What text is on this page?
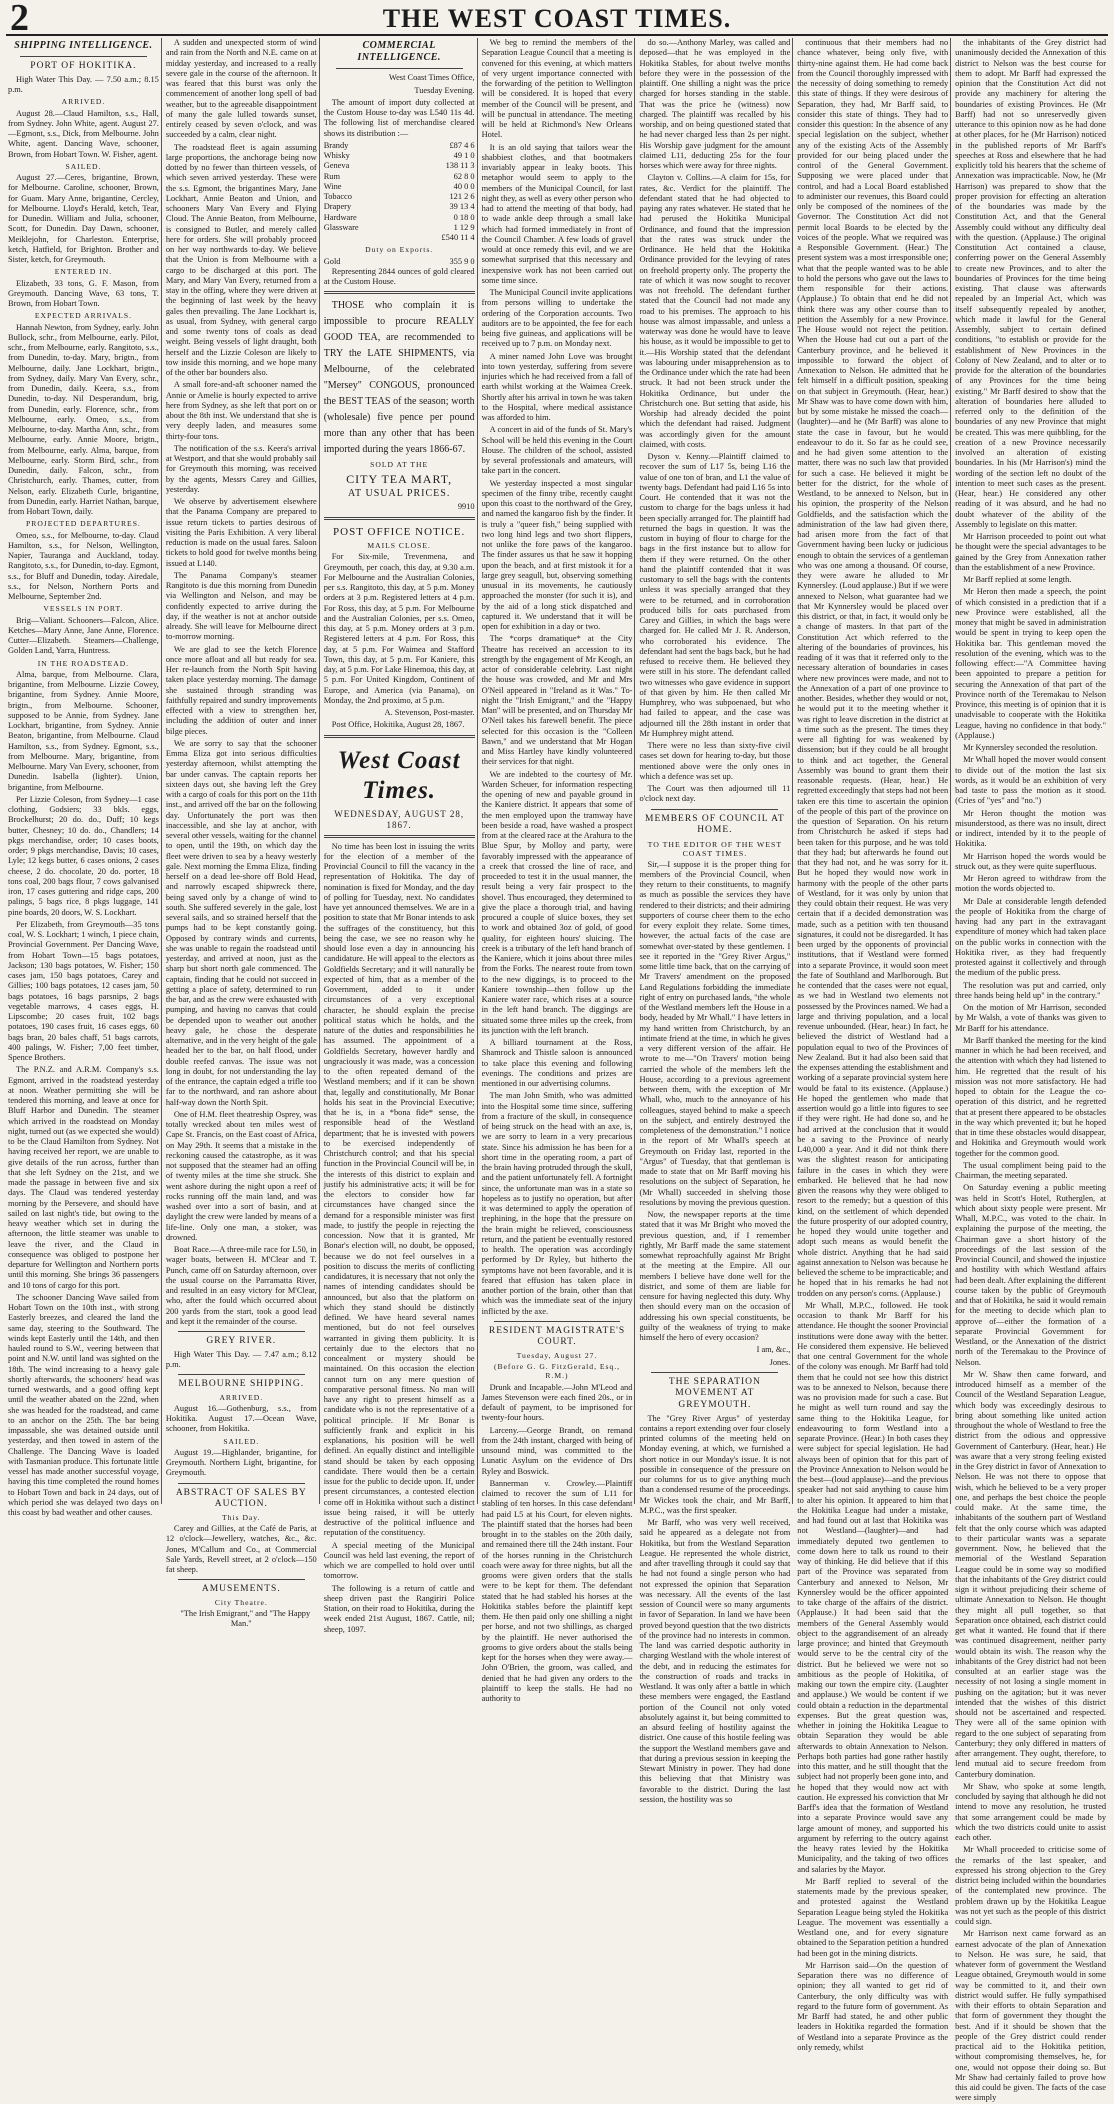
2	THE WEST COAST TIMES.
SHIPPING INTELLIGENCE.
PORT OF HOKITIKA.

High Water This Day. — 7.50 a.m.; 8.15 p.m.

ARRIVED.

August 28.—Claud Hamilton, s.s., Hall, from Sydney. John White, agent. August 27.—Egmont, s.s., Dick, from Melbourne. John White, agent. Dancing Wave, schooner, Brown, from Hobart Town. W. Fisher, agent.

SAILED.

August 27.—Ceres, brigantine, Brown, for Melbourne. Caroline, schooner, Brown, for Guam. Mary Anne, brigantine, Cercley, for Melbourne. Lloyd's Herald, ketch, Tear, for Dunedin. William and Julia, schooner, Scott, for Dunedin. Day Dawn, schooner, Meiklejohn, for Charleston. Enterprise, ketch, Hatfield, for Brighton. Brother and Sister, ketch, for Greymouth.

ENTERED IN.

Elizabeth, 33 tons, G. F. Mason, from Greymouth. Dancing Wave, 63 tons, T. Brown, from Hobart Town.

EXPECTED ARRIVALS.

Hannah Newton, from Sydney, early. John Bullock, schr., from Melbourne, early. Pilot, schr., from Melbourne, early. Rangitoto, s.s., from Dunedin, to-day. Mary, brigtn., from Melbourne, daily. Jane Lockhart, brigtn., from Sydney, daily. Mary Van Every, schr., from Dunedin, daily. Keera, s.s., from Dunedin, to-day. Nil Desperandum, brig, from Dunedin, early. Florence, schr., from Melbourne, early. Omeo, s.s., from Melbourne, to-day. Martha Ann, schr., from Melbourne, early. Annie Moore, brigtn., from Melbourne, early. Alma, barque, from Melbourne, early. Storm Bird, schr., from Dunedin, daily. Falcon, schr., from Christchurch, early. Thames, cutter, from Nelson, early. Elizabeth Curle, brigantine, from Dunedin, early. Harriet Nathan, barque, from Hobart Town, daily.

PROJECTED DEPARTURES.

Omeo, s.s., for Melbourne, to-day. Claud Hamilton, s.s., for Nelson, Wellington, Napier, Tauranga and Auckland, today. Rangitoto, s.s., for Dunedin, to-day. Egmont, s.s., for Bluff and Dunedin, today. Airedale, s.s., for Nelson, Northern Ports and Melbourne, September 2nd.

VESSELS IN PORT.

Brig—Valiant. Schooners—Falcon, Alice. Ketches—Mary Anne, Jane Anne, Florence. Cutter—Elizabeth. Steamers—Challenge, Golden Land, Yarra, Huntress.

IN THE ROADSTEAD.

Alma, barque, from Melbourne. Clara, brigantine, from Melbourne. Lizzie Cowey, brigantine, from Sydney. Annie Moore, brigtn., from Melbourne. Schooner, supposed to be Annie, from Sydney. Jane Lockhart, brigantine, from Sydney. Annie Beaton, brigantine, from Melbourne. Claud Hamilton, s.s., from Sydney. Egmont, s.s., from Melbourne. Mary, brigantine, from Melbourne. Mary Van Every, schooner, from Dunedin. Isabella (lighter). Union, brigantine, from Melbourne.

Per Lizzie Coleson, from Sydney—1 case clothing, Godsiers; 33 bkls. eggs, Brockelhurst; 20 do. do., Duff; 10 kegs butter, Chesney; 10 do. do., Chandlers; 14 pkgs merchandise, order; 10 cases boots, order; 9 pkgs merchandise, Davis; 10 cases, Lyle; 12 kegs butter, 6 cases onions, 2 cases cheese, 2 do. chocolate, 20 do. porter, 18 tons coal, 200 bags flour, 7 cows galvanised iron, 17 cases guttering and ridge caps, 200 palings, 5 bags rice, 8 pkgs luggage, 141 pine boards, 20 doors, W. S. Lockhart.

Per Elizabeth, from Greymouth—35 tons coal, W. S. Lockhart; 1 winch, 1 piece chain, Provincial Government. Per Dancing Wave, from Hobart Town—15 bags potatoes, Jackson; 130 bags potatoes, W. Fisher; 150 cases jam, 150 bags potatoes, Carey and Gillies; 100 bags potatoes, 12 cases jam, 50 bags potatoes, 16 bags parsnips, 2 bags vegetable marrows, 4 cases eggs, H. Lipscombe; 20 cases fruit, 102 bags potatoes, 190 cases fruit, 16 cases eggs, 60 bags bran, 20 bales chaff, 51 bags carrots, 400 palings, W. Fisher; 7,00 feet timber, Spence Brothers.

The P.N.Z. and A.R.M. Company's s.s. Egmont, arrived in the roadstead yesterday at noon. Weather permitting she will be tendered this morning, and leave at once for Bluff Harbor and Dunedin. The steamer which arrived in the roadstead on Monday night, turned out (as we expected she would) to be the Claud Hamilton from Sydney. Not having received her report, we are unable to give details of the run across, further than that she left Sydney on the 21st, and we made the passage in between five and six days. The Claud was tendered yesterday morning by the Persevere, and should have sailed on last night's tide, but owing to the heavy weather which set in during the afternoon, the little steamer was unable to leave the river, and the Claud in consequence was obliged to postpone her departure for Wellington and Northern ports until this morning. She brings 36 passengers and 10 tons of cargo for this port.

The schooner Dancing Wave sailed from Hobart Town on the 10th inst., with strong Easterly breezes, and cleared the land the same day, steering to the Southward. The winds kept Easterly until the 14th, and then hauled round to S.W., veering between that point and N.W. until land was sighted on the 18th. The wind increasing to a heavy gale shortly afterwards, the schooners' head was turned westwards, and a good offing kept until the weather abated on the 22nd, when she was headed for the roadstead, and came to an anchor on the 25th. The bar being impassable, she was detained outside until yesterday, and then towed in astern of the Challenge. The Dancing Wave is loaded with Tasmanian produce. This fortunate little vessel has made another successful voyage, having this time completed the round homes to Hobart Town and back in 24 days, out of which period she was delayed two days on this coast by bad weather and other causes.

A sudden and unexpected storm of wind and rain from the North and N.E. came on at midday yesterday, and increased to a really severe gale in the course of the afternoon. It was feared that this burst was only the commencement of another long spell of bad weather, but to the agreeable disappointment of many the gale lulled towards sunset, entirely ceased by seven o'clock, and was succeeded by a calm, clear night.

The roadstead fleet is again assuming large proportions, the anchorage being now dotted by no fewer than thirteen vessels, of which seven arrived yesterday. These were the s.s. Egmont, the brigantines Mary, Jane Lockhart, Annie Beaton and Union, and schooners Mary Van Every and Flying Cloud. The Annie Beaton, from Melbourne, is consigned to Butler, and merely called here for orders. She will probably proceed on her way northwards to-day. We believe that the Union is from Melbourne with a cargo to be discharged at this port. The Mary, and Mary Van Every, returned from a stay in the offing, where they were driven at the beginning of last week by the heavy gales then prevailing. The Jane Lockhart is, as usual, from Sydney, with general cargo and some twenty tons of coals as dead weight. Being vessels of light draught, both herself and the Lizzie Coleson are likely to tow inside this morning, and we hope many of the other bar bounders also.

A small fore-and-aft schooner named the Annie or Amelie is hourly expected to arrive here from Sydney, as she left that port on or about the 8th inst. We understand that she is very deeply laden, and measures some thirty-four tons.

The notification of the s.s. Keera's arrival at Westport, and that she would probably sail for Greymouth this morning, was received by the agents, Messrs Carey and Gillies, yesterday.

We observe by advertisement elsewhere that the Panama Company are prepared to issue return tickets to parties desirous of visiting the Paris Exhibition. A very liberal reduction is made on the usual fares. Saloon tickets to hold good for twelve months being issued at L140.

The Panama Company's steamer Rangitoto is due this morning from Dunedin via Wellington and Nelson, and may be confidently expected to arrive during the day, if the weather is not at anchor outside already. She will leave for Melbourne direct to-morrow morning.

We are glad to see the ketch Florence once more afloat and all but ready for sea. Her re-launch from the North Spit having taken place yesterday morning. The damage she sustained through stranding was faithfully repaired and sundry improvements effected with a view to strengthen her, including the addition of outer and inner bilge pieces.

We are sorry to say that the schooner Emma Eliza got into serious difficulties yesterday afternoon, whilst attempting the bar under canvas. The captain reports her sixteen days out, she having left the Grey with a cargo of coals for this port on the 11th inst., and arrived off the bar on the following day. Unfortunately the port was then inaccessible, and she lay at anchor, with several other vessels, waiting for the channel to open, until the 19th, on which day the fleet were driven to sea by a heavy westerly gale. Next morning the Emma Eliza, finding herself on a dead lee-shore off Bold Head, and narrowly escaped shipwreck there, being saved only by a change of wind to south. She suffered severely in the gale, lost several sails, and so strained herself that the pumps had to be kept constantly going. Opposed by contrary winds and currents, she was unable to regain the roadstead until yesterday, and arrived at noon, just as the sharp but short north gale commenced. The captain, finding that he could not succeed in getting a place of safety, determined to run the bar, and as the crew were exhausted with pumping, and having no canvas that could be depended upon to weather out another heavy gale, he chose the desperate alternative, and in the very height of the gale headed her to the bar, on half flood, under double reefed canvas. The issue was not long in doubt, for not understanding the lay of the entrance, the captain edged a trifle too far to the northward, and ran ashore about half-way down the North Spit.

One of H.M. fleet theatreship Osprey, was totally wrecked about ten miles west of Cape St. Francis, on the East coast of Africa, on May 29th. It seems that a mistake in the reckoning caused the catastrophe, as it was not supposed that the steamer had an offing of twenty miles at the time she struck. She went ashore during the night upon a reef of rocks running off the main land, and was washed over into a sort of basin, and at daylight the crew were landed by means of a life-line. Only one man, a stoker, was drowned.

Boat Race.—A three-mile race for L50, in wager boats, between H. M'Clear and T. Punch, came off on Saturday afternoon, over the usual course on the Parramatta River, and resulted in an easy victory for M'Clear, who, after the fould which occurred about 200 yards from the start, took a good lead and kept it the remainder of the course.

GREY RIVER.

High Water This Day. — 7.47 a.m.; 8.12 p.m.

MELBOURNE SHIPPING.
ARRIVED.

August 16.—Gothenburg, s.s., from Hokitika. August 17.—Ocean Wave, schooner, from Hokitika.

SAILED.

August 19.—Highlander, brigantine, for Greymouth. Northern Light, brigantine, for Greymouth.

ABSTRACT OF SALES BY AUCTION.
This Day.

Carey and Gillies, at the Café de Paris, at 12 o'clock—Jewellery, watches, &c., &c. Jones, M'Callum and Co., at Commercial Sale Yards, Revell street, at 2 o'clock—150 fat sheep.

AMUSEMENTS.
City Theatre.

"The Irish Emigrant," and "The Happy Man."

COMMERCIAL INTELLIGENCE.

West Coast Times Office,

Tuesday Evening.

The amount of import duty collected at the Custom House to-day was L540 11s 4d. The following list of merchandise cleared shows its distribution :—

Brandy	£87 4 6
Whisky	49 1 0
Geneva	138 11 3
Rum	62 8 0
Wine	40 0 0
Tobacco	121 2 6
Drapery	39 13 4
Hardware	0 18 0
Glassware	1 12 9
	£540 11 4
Duty on Exports.
Gold	355 9 0

Representing 2844 ounces of gold cleared at the Custom House.

THOSE who complain it is impossible to procure REALLY GOOD TEA, are recommended to TRY the LATE SHIPMENTS, via Melbourne, of the celebrated "Mersey" CONGOUS, pronounced the BEST TEAS of the season; worth (wholesale) five pence per pound more than any other that has been imported during the years 1866-67.

SOLD AT THE
CITY TEA MART,
AT USUAL PRICES.

9910

POST OFFICE NOTICE.
MAILS CLOSE.

For Six-mile, Trevenmena, and Greymouth, per coach, this day, at 9.30 a.m. For Melbourne and the Australian Colonies, per s.s. Rangitoto, this day, at 5 p.m. Money orders at 3 p.m. Registered letters at 4 p.m. For Ross, this day, at 5 p.m. For Melbourne and the Australian Colonies, per s.s. Omeo, this day, at 5 p.m. Money orders at 3 p.m. Registered letters at 4 p.m. For Ross, this day, at 5 p.m. For Waimea and Stafford Town, this day, at 5 p.m. For Kaniere, this day, at 5 p.m. For Lake Hinemoa, this day, at 5 p.m. For United Kingdom, Continent of Europe, and America (via Panama), on Monday, the 2nd proximo, at 5 p.m.

A. Stevenson, Post-master.

Post Office, Hokitika, August 28, 1867.

West Coast Times.
WEDNESDAY, AUGUST 28, 1867.

No time has been lost in issuing the writs for the election of a member of the Provincial Council to fill the vacancy in the representation of Hokitika. The day of nomination is fixed for Monday, and the day of polling for Tuesday, next. No candidates have yet announced themselves. We are in a position to state that Mr Bonar intends to ask the suffrages of the constituency, but this being the case, we see no reason why he should lose even a day in announcing his candidature. He will appeal to the electors as Goldfields Secretary; and it will naturally be expected of him, that as a member of the Government, added to it under circumstances of a very exceptional character, he should explain the precise political status which he holds, and the nature of the duties and responsibilities he has assumed. The appointment of a Goldfields Secretary, however hardly and ungraciously it was made, was a concession to the often repeated demand of the Westland members; and if it can be shown that, legally and constitutionally, Mr Bonar holds his seat in the Provincial Executive; that he is, in a *bona fide* sense, the responsible head of the Westland department; that he is invested with powers to be exercised independently of Christchurch control; and that his special function in the Provincial Council will be, in the interests of this district to explain and justify his administrative acts; it will be for the electors to consider how far circumstances have changed since the demand for a responsible minister was first made, to justify the people in rejecting the concession. Now that it is granted, Mr Bonar's election will, no doubt, be opposed, because we do not feel ourselves in a position to discuss the merits of conflicting candidatures, it is necessary that not only the names of intending candidates should be announced, but also that the platform on which they stand should be distinctly defined. We have heard several names mentioned, but do not feel ourselves warranted in giving them publicity. It is certainly due to the electors that no concealment or mystery should be maintained. On this occasion the election cannot turn on any mere question of comparative personal fitness. No man will have any right to present himself as a candidate who is not the representative of a political principle. If Mr Bonar is sufficiently frank and explicit in his explanations, his position will be well defined. An equally distinct and intelligible stand should be taken by each opposing candidate. There would then be a certain issue for the public to decide upon. If, under present circumstances, a contested election come off in Hokitika without such a distinct issue being raised, it will be utterly destructive of the political influence and reputation of the constituency.

A special meeting of the Municipal Council was held last evening, the report of which we are compelled to hold over until tomorrow.

The following is a return of cattle and sheep driven past the Rangiriri Police Station, on their road to Hokitika, during the week ended 21st August, 1867. Cattle, nil; sheep, 1097.

We beg to remind the members of the Separation League Council that a meeting is convened for this evening, at which matters of very urgent importance connected with the forwarding of the petition to Wellington will be considered. It is hoped that every member of the Council will be present, and will be punctual in attendance. The meeting will be held at Richmond's New Orleans Hotel.

It is an old saying that tailors wear the shabbiest clothes, and that bootmakers invariably appear in leaky boots. This metaphor would seem to apply to the members of the Municipal Council, for last night they, as well as every other person who had to attend the meeting of that body, had to wade ankle deep through a small lake which had formed immediately in front of the Council Chamber. A few loads of gravel would at once remedy this evil, and we are somewhat surprised that this necessary and inexpensive work has not been carried out some time since.

The Municipal Council invite applications from persons willing to undertake the ordering of the Corporation accounts. Two auditors are to be appointed, the fee for each being five guineas, and applications will be received up to 7 p.m. on Monday next.

A miner named John Love was brought into town yesterday, suffering from severe injuries which he had received from a fall of earth whilst working at the Waimea Creek. Shortly after his arrival in town he was taken to the Hospital, where medical assistance was afforded to him.

A concert in aid of the funds of St. Mary's School will be held this evening in the Court House. The children of the school, assisted by several professionals and amateurs, will take part in the concert.

We yesterday inspected a most singular specimen of the finny tribe, recently caught upon this coast to the northward of the Grey, and named the kangaroo fish by the finder. It is truly a "queer fish," being supplied with two long hind legs and two short flippers, not unlike the fore paws of the kangaroo. The finder assures us that he saw it hopping upon the beach, and at first mistook it for a large grey seagull, but, observing something unusual in its movements, he cautiously approached the monster (for such it is), and by the aid of a long stick dispatched and captured it. We understand that it will be open for exhibition in a day or two.

The *corps dramatique* at the City Theatre has received an accession to its strength by the engagement of Mr Keogh, an actor of considerable celebrity. Last night the house was crowded, and Mr and Mrs O'Neil appeared in "Ireland as it Was." To-night the "Irish Emigrant," and the "Happy Man" will be presented, and on Thursday Mr O'Neil takes his farewell benefit. The piece selected for this occasion is the "Colleen Bawn," and we understand that Mr Hogan and Miss Hartley have kindly volunteered their services for that night.

We are indebted to the courtesy of Mr. Warden Scheuer, for information respecting the opening of new and payable ground in the Kaniere district. It appears that some of the men employed upon the tramway have been beside a road, have washed a prospect from at the cleared race at the Arahura to the Blue Spur, by Molloy and party, were favorably impressed with the appearance of a creek that crossed the line of race, and proceeded to test it in the usual manner, the result being a very fair prospect to the shovel. Thus encouraged, they determined to give the place a thorough trial, and having procured a couple of sluice boxes, they set to work and obtained 3oz of gold, of good quality, for eighteen hours' sluicing. The creek is a tributary of the left hand branch of the Kaniere, which it joins about three miles from the Forks. The nearest route from town to the new diggings, is to proceed to the Kaniere township—then follow up the Kaniere water race, which rises at a source in the left hand branch. The diggings are situated some three miles up the creek, from its junction with the left branch.

A billiard tournament at the Ross, Shamrock and Thistle saloon is announced to take place this evening and following evenings. The conditions and prizes are mentioned in our advertising columns.

The man John Smith, who was admitted into the Hospital some time since, suffering from a fracture of the skull, in consequence of being struck on the head with an axe, is, we are sorry to learn in a very precarious state. Since his admission he has been for a short time in the operating room, a part of the brain having protruded through the skull, and the patient unfortunately fell. A fortnight since, the unfortunate man was in a state so hopeless as to justify no operation, but after it was determined to apply the operation of trephining, in the hope that the pressure on the brain might be relieved, consciousness return, and the patient be eventually restored to health. The operation was accordingly performed by Dr Ryley, but hitherto the symptoms have not been favorable, and it is feared that effusion has taken place in another portion of the brain, other than that which was the immediate seat of the injury inflicted by the axe.

RESIDENT MAGISTRATE'S COURT.
Tuesday, August 27.
(Before G. G. FitzGerald, Esq., R.M.)

Drunk and Incapable.—John M'Leod and James Stevenson were each fined 20s., or in default of payment, to be imprisoned for twenty-four hours.

Larceny.—George Brandt, on remand from the 24th instant, charged with being of unsound mind, was committed to the Lunatic Asylum on the evidence of Drs Ryley and Boswick.

Bannerman v. Crowley.—Plaintiff claimed to recover the sum of L11 for stabling of ten horses. In this case defendant had paid L5 at his Court, for eleven nights. The plaintiff stated that the horses had been brought in to the stables on the 20th daily, and remained there till the 24th instant. Four of the horses running in the Christchurch coach were away for three nights, but all the grooms were given orders that the stalls were to be kept for them. The defendant stated that he had stabled his horses at the Hokitika stables before the plaintiff kept them. He then paid only one shilling a night per horse, and not two shillings, as charged by the plaintiff. He never authorised the grooms to give orders about the stalls being kept for the horses when they were away.—John O'Brien, the groom, was called, and denied that he had given any orders to the plaintiff to keep the stalls. He had no authority to

do so.—Anthony Marley, was called and deposed—that he was employed in the Hokitika Stables, for about twelve months before they were in the possession of the plaintiff. One shilling a night was the price charged for horses standing in the stable. That was the price he (witness) now charged. The plaintiff was recalled by his worship, and on being questioned stated that he had never charged less than 2s per night. His Worship gave judgment for the amount claimed L11, deducting 25s for the four horses which were away for three nights.

Clayton v. Collins.—A claim for 15s, for rates, &c. Verdict for the plaintiff. The defendant stated that he had objected to paying any rates whatever. He stated that he had perused the Hokitika Municipal Ordinance, and found that the impression that the rates was struck under the Ordinance. He held that the Hokitika Ordinance provided for the levying of rates on freehold property only. The property the rate of which it was now sought to recover was not freehold. The defendant further stated that the Council had not made any road to his premises. The approach to his house was almost impassable, and unless a waterway was done he would have to leave his house, as it would be impossible to get to it.—His Worship stated that the defendant was labouring under misapprehension as to the Ordinance under which the rate had been struck. It had not been struck under the Hokitika Ordinance, but under the Christchurch one. But setting that aside, his Worship had already decided the point which the defendant had raised. Judgment was accordingly given for the amount claimed, with costs.

Dyson v. Kenny.—Plaintiff claimed to recover the sum of L17 5s, being L16 the value of one ton of bran, and L1 the value of twenty bags. Defendant had paid L16 5s into Court. He contended that it was not the custom to charge for the bags unless it had been specially arranged for. The plaintiff had returned the bags in question. It was the custom in buying of flour to charge for the bags in the first instance but to allow for them if they were returned. On the other hand the plaintiff contended that it was customary to sell the bags with the contents unless it was specially arranged that they were to be returned, and in corroboration produced bills for oats purchased from Carey and Gillies, in which the bags were charged for. He called Mr J. R. Anderson, who corroborated his evidence. The defendant had sent the bags back, but he had refused to receive them. He believed they were still in his store. The defendant called two witnesses who gave evidence in support of that given by him. He then called Mr Humphrey, who was subpoenaed, but who had failed to appear, and the case was adjourned till the 28th instant in order that Mr Humphrey might attend.

There were no less than sixty-five civil cases set down for hearing to-day, but those mentioned above were the only ones in which a defence was set up.

The Court was then adjourned till 11 o'clock next day.

MEMBERS OF COUNCIL AT HOME.
TO THE EDITOR OF THE WEST COAST TIMES.

Sir,—I suppose it is the proper thing for members of the Provincial Council, when they return to their constituents, to magnify as much as possible the services they have rendered to their districts; and their admiring supporters of course cheer them to the echo for every exploit they relate. Some times, however, the actual facts of the case are somewhat over-stated by these gentlemen. I see it reported in the "Grey River Argus," some little time back, that on the carrying of Mr Travers' amendment on the proposed Land Regulations forbidding the immediate right of entry on purchased lands, "the whole of the Westland members left the House in a body, headed by Mr Whall." I have letters in my hand written from Christchurch, by an intimate friend at the time, in which he gives a very different version of the affair. He wrote to me—"On Travers' motion being carried the whole of the members left the House, according to a previous agreement between them, with the exception of Mr Whall, who, much to the annoyance of his colleagues, stayed behind to make a speech on the subject, and entirely destroyed the completeness of the demonstration." I notice in the report of Mr Whall's speech at Greymouth on Friday last, reported in the "Argus" of Tuesday, that that gentleman is made to state that on Mr Barff moving his resolutions on the subject of Separation, he (Mr Whall) succeeded in shelving those resolutions by moving the previous question.

Now, the newspaper reports at the time stated that it was Mr Bright who moved the previous question, and, if I remember rightly, Mr Barff made the same statement somewhat reproachfully against Mr Bright at the meeting at the Empire. All our members I believe have done well for the district, and some of them are liable for censure for having neglected this duty. Why then should every man on the occasion of addressing his own special constituents, be guilty of the weakness of trying to make himself the hero of every occasion?

I am, &c.,

Jones.

THE SEPARATION MOVEMENT AT GREYMOUTH.

The "Grey River Argus" of yesterday contains a report extending over four closely printed columns of the meeting held on Monday evening, at which, we furnished a short notice in our Monday's issue. It is not possible in consequence of the pressure on our columns for us to give anything much than a condensed resume of the proceedings. Mr Wickes took the chair, and Mr Barff, M.P.C., was the first speaker.

Mr Barff, who was very well received, said he appeared as a delegate not from Hokitika, but from the Westland Separation League. He represented the whole district, and after travelling through it could say that he had not found a single person who had not expressed the opinion that Separation was necessary. All the events of the last session of Council were so many arguments in favor of Separation. In land we have been proved beyond question that the two districts of the province had no interests in common. The land was carried despotic authority in charging Westland with the whole interest of the debt, and in reducing the estimates for the construction of roads and tracks in Westland. It was only after a battle in which these members were engaged, the Eastland portion of the Council not only voted absolutely against it, but being committed to an absurd feeling of hostility against the district. One cause of this hostile feeling was the support the Westland members gave and that during a previous session in keeping the Stewart Ministry in power. They had done this believing that that Ministry was favorable to the district. During the last session, the hostility was so

continuous that their members had no chance whatever, being only five, with thirty-nine against them. He had come back from the Council thoroughly impressed with the necessity of doing something to remedy this state of things. If they were desirous of Separation, they had, Mr Barff said, to consider this state of things. They had to consider this question: In the absence of any special legislation on the subject, whether any of the existing Acts of the Assembly provided for our being placed under the control of the General Government. Supposing we were placed under that control, and had a Local Board established to administer our revenues, this Board could only be composed of the nominees of the Governor. The Constitution Act did not permit local Boards to be elected by the voices of the people. What we required was a Responsible Government. (Hear.) The present system was a most irresponsible one; what that the people wanted was to be able to hold the persons who gave out the laws to them responsible for their actions. (Applause.) To obtain that end he did not think there was any other course than to petition the Assembly for a new Province. The House would not reject the petition. When the House had cut out a part of the Canterbury province, and he believed it impossible to forward the object of Annexation to Nelson. He admitted that he felt himself in a difficult position, speaking on that subject in Greymouth. (Hear, hear.) Mr Shaw was to have come down with him, but by some mistake he missed the coach—(laughter)—and he (Mr Barff) was alone to state the case in favour, but he would endeavour to do it. So far as he could see, and he had given some attention to the matter, there was no such law that provided for such a case. He believed it might be better for the district, for the whole of Westland, to be annexed to Nelson, but in his opinion, the prosperity of the Nelson Goldfields, and the satisfaction which the administration of the law had given there, had arisen more from the fact of that Government having been lucky or judicious enough to obtain the services of a gentleman who was one among a thousand. Of course, they were aware he alluded to Mr Kynnersley. (Loud applause.) But if we were annexed to Nelson, what guarantee had we that Mr Kynnersley would be placed over this district, or that, in fact, it would only be a change of masters. In that part of the Constitution Act which referred to the altering of the boundaries of provinces, his reading of it was that it referred only to the necessary alteration of boundaries in cases where new provinces were made, and not to the Annexation of a part of one province to another. Besides, whether they would or not, he would put it to the meeting whether it was right to leave discretion in the district at a time such as the present. The times they were all fighting for was weakened by dissension; but if they could be all brought to think and act together, the General Assembly was bound to grant them their reasonable requests. (Hear, hear.) He regretted exceedingly that steps had not been taken ere this time to ascertain the opinion of the people of this part of the province on the question of Separation. On his return from Christchurch he asked if steps had been taken for this purpose, and he was told that they had; but afterwards he found out that they had not, and he was sorry for it. But he hoped they would now work in harmony with the people of the other parts of Westland, for it was only by union that they could obtain their request. He was very certain that if a decided demonstration was made, such as a petition with ten thousand signatures, it could not be disregarded. It has been urged by the opponents of provincial institutions, that if Westland were formed into a separate Province, it would soon meet the fate of Southland and Marlborough. But he contended that the cases were not equal, as we had in Westland two elements not possessed by the Provinces named. We had a large and thriving population, and a local revenue unbounded. (Hear, hear.) In fact, he believed the district of Westland had a population equal to two of the Provinces of New Zealand. But it had also been said that the expenses attending the establishment and working of a separate provincial system here would be fatal to its existence. (Applause.) He hoped the gentlemen who made that assertion would go a little into figures to see if they were right. He had done so, and he had arrived at the conclusion that it would be a saving to the Province of nearly L40,000 a year. And it did not think there was the slightest reason for anticipating failure in the cases in which they were embarked. He believed that he had now given the reasons why they were obliged to resort to the remedy; but a question of this kind, on the settlement of which depended the future prosperity of our adopted country, he hoped they would unite together and adopt such means as would benefit the whole district. Anything that he had said against annexation to Nelson was because he believed the scheme to be impracticable; and he hoped that in his remarks he had not trodden on any person's corns. (Applause.)

Mr Whall, M.P.C., followed. He took occasion to thank Mr Barff for his attendance. He thought the sooner Provincial institutions were done away with the better. He considered them expensive. He believed that one central Government for the whole of the colony was enough. Mr Barff had told them that he could not see how this district was to be annexed to Nelson, because there was no provision made for such a case. But he might as well turn round and say the same thing to the Hokitika League, for endeavouring to form Westland into a separate Province. (Hear.) In both cases they were subject for special legislation. He had always been of opinion that for this part of the Province Annexation to Nelson would be the best—(loud applause)—and the previous speaker had not said anything to cause him to alter his opinion. It appeared to him that the Hokitika League had under a mistake, and had found out at last that Hokitika was not Westland—(laughter)—and had immediately deputed two gentlemen to come down here to talk us round to their way of thinking. He did believe that if this part of the Province was separated from Canterbury and annexed to Nelson, Mr Kynnersley would be the officer appointed to take charge of the affairs of the district. (Applause.) It had been said that the members of the General Assembly would object to the aggrandisement of an already large province; and hinted that Greymouth would serve to be the central city of the district. But he believed we were not so ambitious as the people of Hokitika, of making our town the empire city. (Laughter and applause.) We would be content if we could obtain a reduction in the departmental expenses. But the great question was, whether in joining the Hokitika League to obtain Separation they would be able afterwards to obtain Annexation to Nelson. Perhaps both parties had gone rather hastily into this matter, and he still thought that the subject had not properly been gone into, and he hoped that they would now act with caution. He expressed his conviction that Mr Barff's idea that the formation of Westland into a separate Province would save any large amount of money, and supported his argument by referring to the outcry against the heavy rates levied by the Hokitika Municipality, and the taking of two offices and salaries by the Mayor.

Mr Barff replied to several of the statements made by the previous speaker, and protested against the Westland Separation League being styled the Hokitika League. The movement was essentially a Westland one, and for every signature obtained to the Separation petition a hundred had been got in the mining districts.

Mr Harrison said—On the question of Separation there was no difference of opinion; they all wanted to get rid of Canterbury, the only difficulty was with regard to the future form of government. As Mr Barff had stated, he and other public leaders in Hokitika regarded the formation of Westland into a separate Province as the only remedy, whilst

the inhabitants of the Grey district had unanimously decided the Annexation of this district to Nelson was the best course for them to adopt. Mr Barff had expressed the opinion that the Constitution Act did not provide any machinery for altering the boundaries of existing Provinces. He (Mr Barff) had not so unreservedly given utterance to this opinion now as he had done at other places, for he (Mr Harrison) noticed in the published reports of Mr Barff's speeches at Ross and elsewhere that he had explicitly told his hearers that the scheme of Annexation was impracticable. Now, he (Mr Harrison) was prepared to show that the proper provision for effecting an alteration of the boundaries was made by the Constitution Act, and that the General Assembly could without any difficulty deal with the question. (Applause.) The original Constitution Act contained a clause, conferring power on the General Assembly to create new Provinces, and to alter the boundaries of Provinces for the time being existing. That clause was afterwards repealed by an Imperial Act, which was itself subsequently repealed by another, which made it lawful for the General Assembly, subject to certain defined conditions, "to establish or provide for the establishment of New Provinces in the Colony of New Zealand, and to alter or to provide for the alteration of the boundaries of any Provinces for the time being existing." Mr Barff desired to show that the alteration of boundaries here alluded to referred only to the definition of the boundaries of any new Province that might be created. This was mere quibbling, for the creation of a new Province necessarily involved an alteration of existing boundaries. In his (Mr Harrison's) mind the wording of the section left no doubt of the intention to meet such cases as the present. (Hear, hear.) He considered any other reading of it was absurd, and he had no doubt whatever of the ability of the Assembly to legislate on this matter.

Mr Harrison proceeded to point out what he thought were the special advantages to be gained by the Grey from Annexation rather than the establishment of a new Province.

Mr Barff replied at some length.

Mr Heron then made a speech, the point of which consisted in a prediction that if a new Province were established, all the money that might be saved in administration would be spent in trying to keep open the Hokitika bar. This gentleman moved the resolution of the evening, which was to the following effect:—"A Committee having been appointed to prepare a petition for securing the Annexation of that part of the Province north of the Teremakau to Nelson Province, this meeting is of opinion that it is unadvisable to cooperate with the Hokitika League, having no confidence in that body." (Applause.)

Mr Kynnersley seconded the resolution.

Mr Whall hoped the mover would consent to divide out of the motion the last six words, as it would be an exhibition of very bad taste to pass the motion as it stood. (Cries of "yes" and "no.")

Mr Heron thought the motion was misunderstood, as there was no insult, direct or indirect, intended by it to the people of Hokitika.

Mr Harrison hoped the words would be struck out, as they were quite superfluous.

Mr Heron agreed to withdraw from the motion the words objected to.

Mr Dale at considerable length defended the people of Hokitika from the charge of having had any part in the extravagant expenditure of money which had taken place on the public works in connection with the Hokitika river, as they had frequently protested against it collectively and through the medium of the public press.

The resolution was put and carried, only three hands being held up" in the contrary."

On the motion of Mr Harrison, seconded by Mr Walsh, a vote of thanks was given to Mr Barff for his attendance.

Mr Barff thanked the meeting for the kind manner in which he had been received, and the attention with which they had listened to him. He regretted that the result of his mission was not more satisfactory. He had hoped to obtain for the League the co-operation of this district, and he regretted that at present there appeared to be obstacles in the way which prevented it; but he hoped that in time these obstacles would disappear, and Hokitika and Greymouth would work together for the common good.

The usual compliment being paid to the Chairman, the meeting separated.

On Saturday evening a public meeting was held in Scott's Hotel, Rutherglen, at which about sixty people were present. Mr Whall, M.P.C., was voted to the chair. In explaining the purpose of the meeting, the Chairman gave a short history of the proceedings of the last session of the Provincial Council, and showed the injustice and hostility with which Westland affairs had been dealt. After explaining the different course taken by the public of Greymouth and that of Hokitika, he said it would remain for the meeting to decide which plan to approve of—either the formation of a separate Provincial Government for Westland, or the Annexation of the district north of the Teremakau to the Province of Nelson.

Mr W. Shaw then came forward, and introduced himself as a member of the Council of the Westland Separation League, which body was exceedingly desirous to bring about something like united action throughout the whole of Westland to free the district from the odious and oppressive Government of Canterbury. (Hear, hear.) He was aware that a very strong feeling existed in the Grey district in favor of Annexation to Nelson. He was not there to oppose that wish, which he believed to be a very proper one, and perhaps the best choice the people could make. At the same time, the inhabitants of the southern part of Westland felt that the only course which was adapted to their particular wants was a separate government. Now, he believed that the memorial of the Westland Separation League could be in some way so modified that the inhabitants of the Grey district could sign it without prejudicing their scheme of ultimate Annexation to Nelson. He thought they might all pull together, so that Separation once obtained, each district could get what it wanted. He found that if there was continued disagreement, neither party would obtain its wish. The reason why the inhabitants of the Grey district had not been consulted at an earlier stage was the necessity of not losing a single moment in pushing on the agitation; but it was never intended that the wishes of this district should not be ascertained and respected. They were all of the same opinion with regard to the one subject of separating from Canterbury; they only differed in matters of after arrangement. They ought, therefore, to lend mutual aid to secure freedom from Canterbury domination.

Mr Shaw, who spoke at some length, concluded by saying that although he did not intend to move any resolution, he trusted that some arrangement could be made by which the two districts could unite to assist each other.

Mr Whall proceeded to criticise some of the remarks of the last speaker, and expressed his strong objection to the Grey district being included within the boundaries of the contemplated new province. The problem drawn up by the Hokitika League was not yet such as the people of this district could sign.

Mr Harrison next came forward as an earnest advocate of the plan of Annexation to Nelson. He was sure, he said, that whatever form of government the Westland League obtained, Greymouth would in some way be committed to it, and their own district would suffer. He fully sympathised with their efforts to obtain Separation and that form of government they thought the best. And if it should be shown that the people of the Grey district could render practical aid to the Hokitika petition, without compromising themselves, he, for one, would not oppose their doing so. But Mr Shaw had certainly failed to prove how this aid could be given. The facts of the case were simply
